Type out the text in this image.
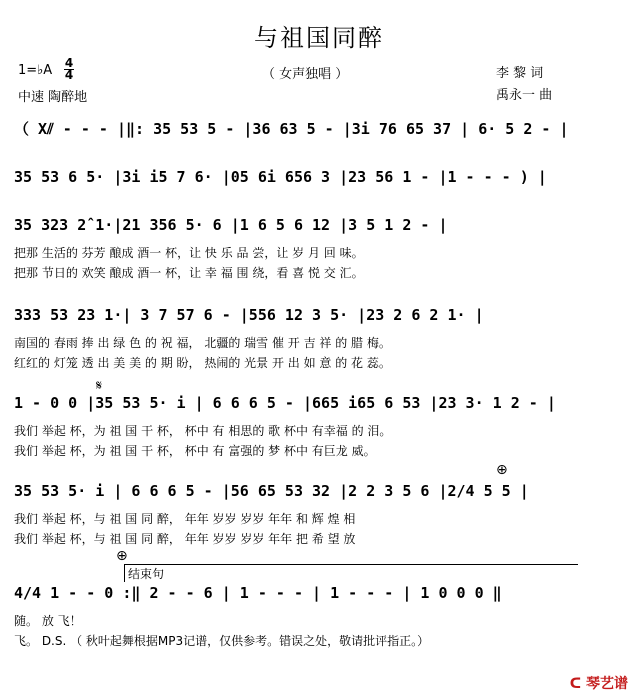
与祖国同醉
1=♭A 4
4	（ 女声独唱 ）
中速 陶醉地
李 黎 词
禹永一 曲
（ X⫽ - - - |‖: 35 53 5 - |36 63 5 - |3i 76 65 37 | 6· 5 2 - |
35 53 6 5· |3i i5 7 6· |05 6i 656 3 |23 56 1 - |1 - - - ) |
35 323 2̂ 1·|21 356 5· 6 |1 6 5 6 12 |3 5 1 2 - |
把那 生活的 芬芳 酿成 酒一 杯，让 快 乐 品 尝，让 岁 月 回 味。
把那 节日的 欢笑 酿成 酒一 杯，让 幸 福 围 绕，看 喜 悦 交 汇。
333 53 23 1·| 3 7 57 6 - |556 12 3 5· |23 2 6 2 1· |
南国的 春雨 捧 出 绿 色 的 祝 福， 北疆的 瑞雪 催 开 吉 祥 的 腊 梅。
红红的 灯笼 透 出 美 美 的 期 盼， 热闹的 光景 开 出 如 意 的 花 蕊。
𝄋
1 - 0 0 |35 53 5· i | 6 6 6 5 - |665 i65 6 53 |23 3· 1 2 - |
我们 举起 杯，为 祖 国 干 杯， 杯中 有 相思的 歌 杯中 有幸福 的 泪。
我们 举起 杯，为 祖 国 干 杯， 杯中 有 富强的 梦 杯中 有巨龙 威。
⊕
35 53 5· i | 6 6 6 5 - |56 65 53 32 |2 2 3 5 6 |2/4 5 5 |
我们 举起 杯，与 祖 国 同 醉， 年年 岁岁 岁岁 年年 和 辉 煌 相
我们 举起 杯，与 祖 国 同 醉， 年年 岁岁 岁岁 年年 把 希 望 放
⊕
结束句
4/4 1 - - 0 :‖ 2 - - 6 | 1 - - - | 1 - - - | 1 0 0 0 ‖
随。 放 飞！
飞。 D.S. （ 秋叶起舞根据MP3记谱，仅供参考。错误之处，敬请批评指正。）
ᑕ 琴艺谱
